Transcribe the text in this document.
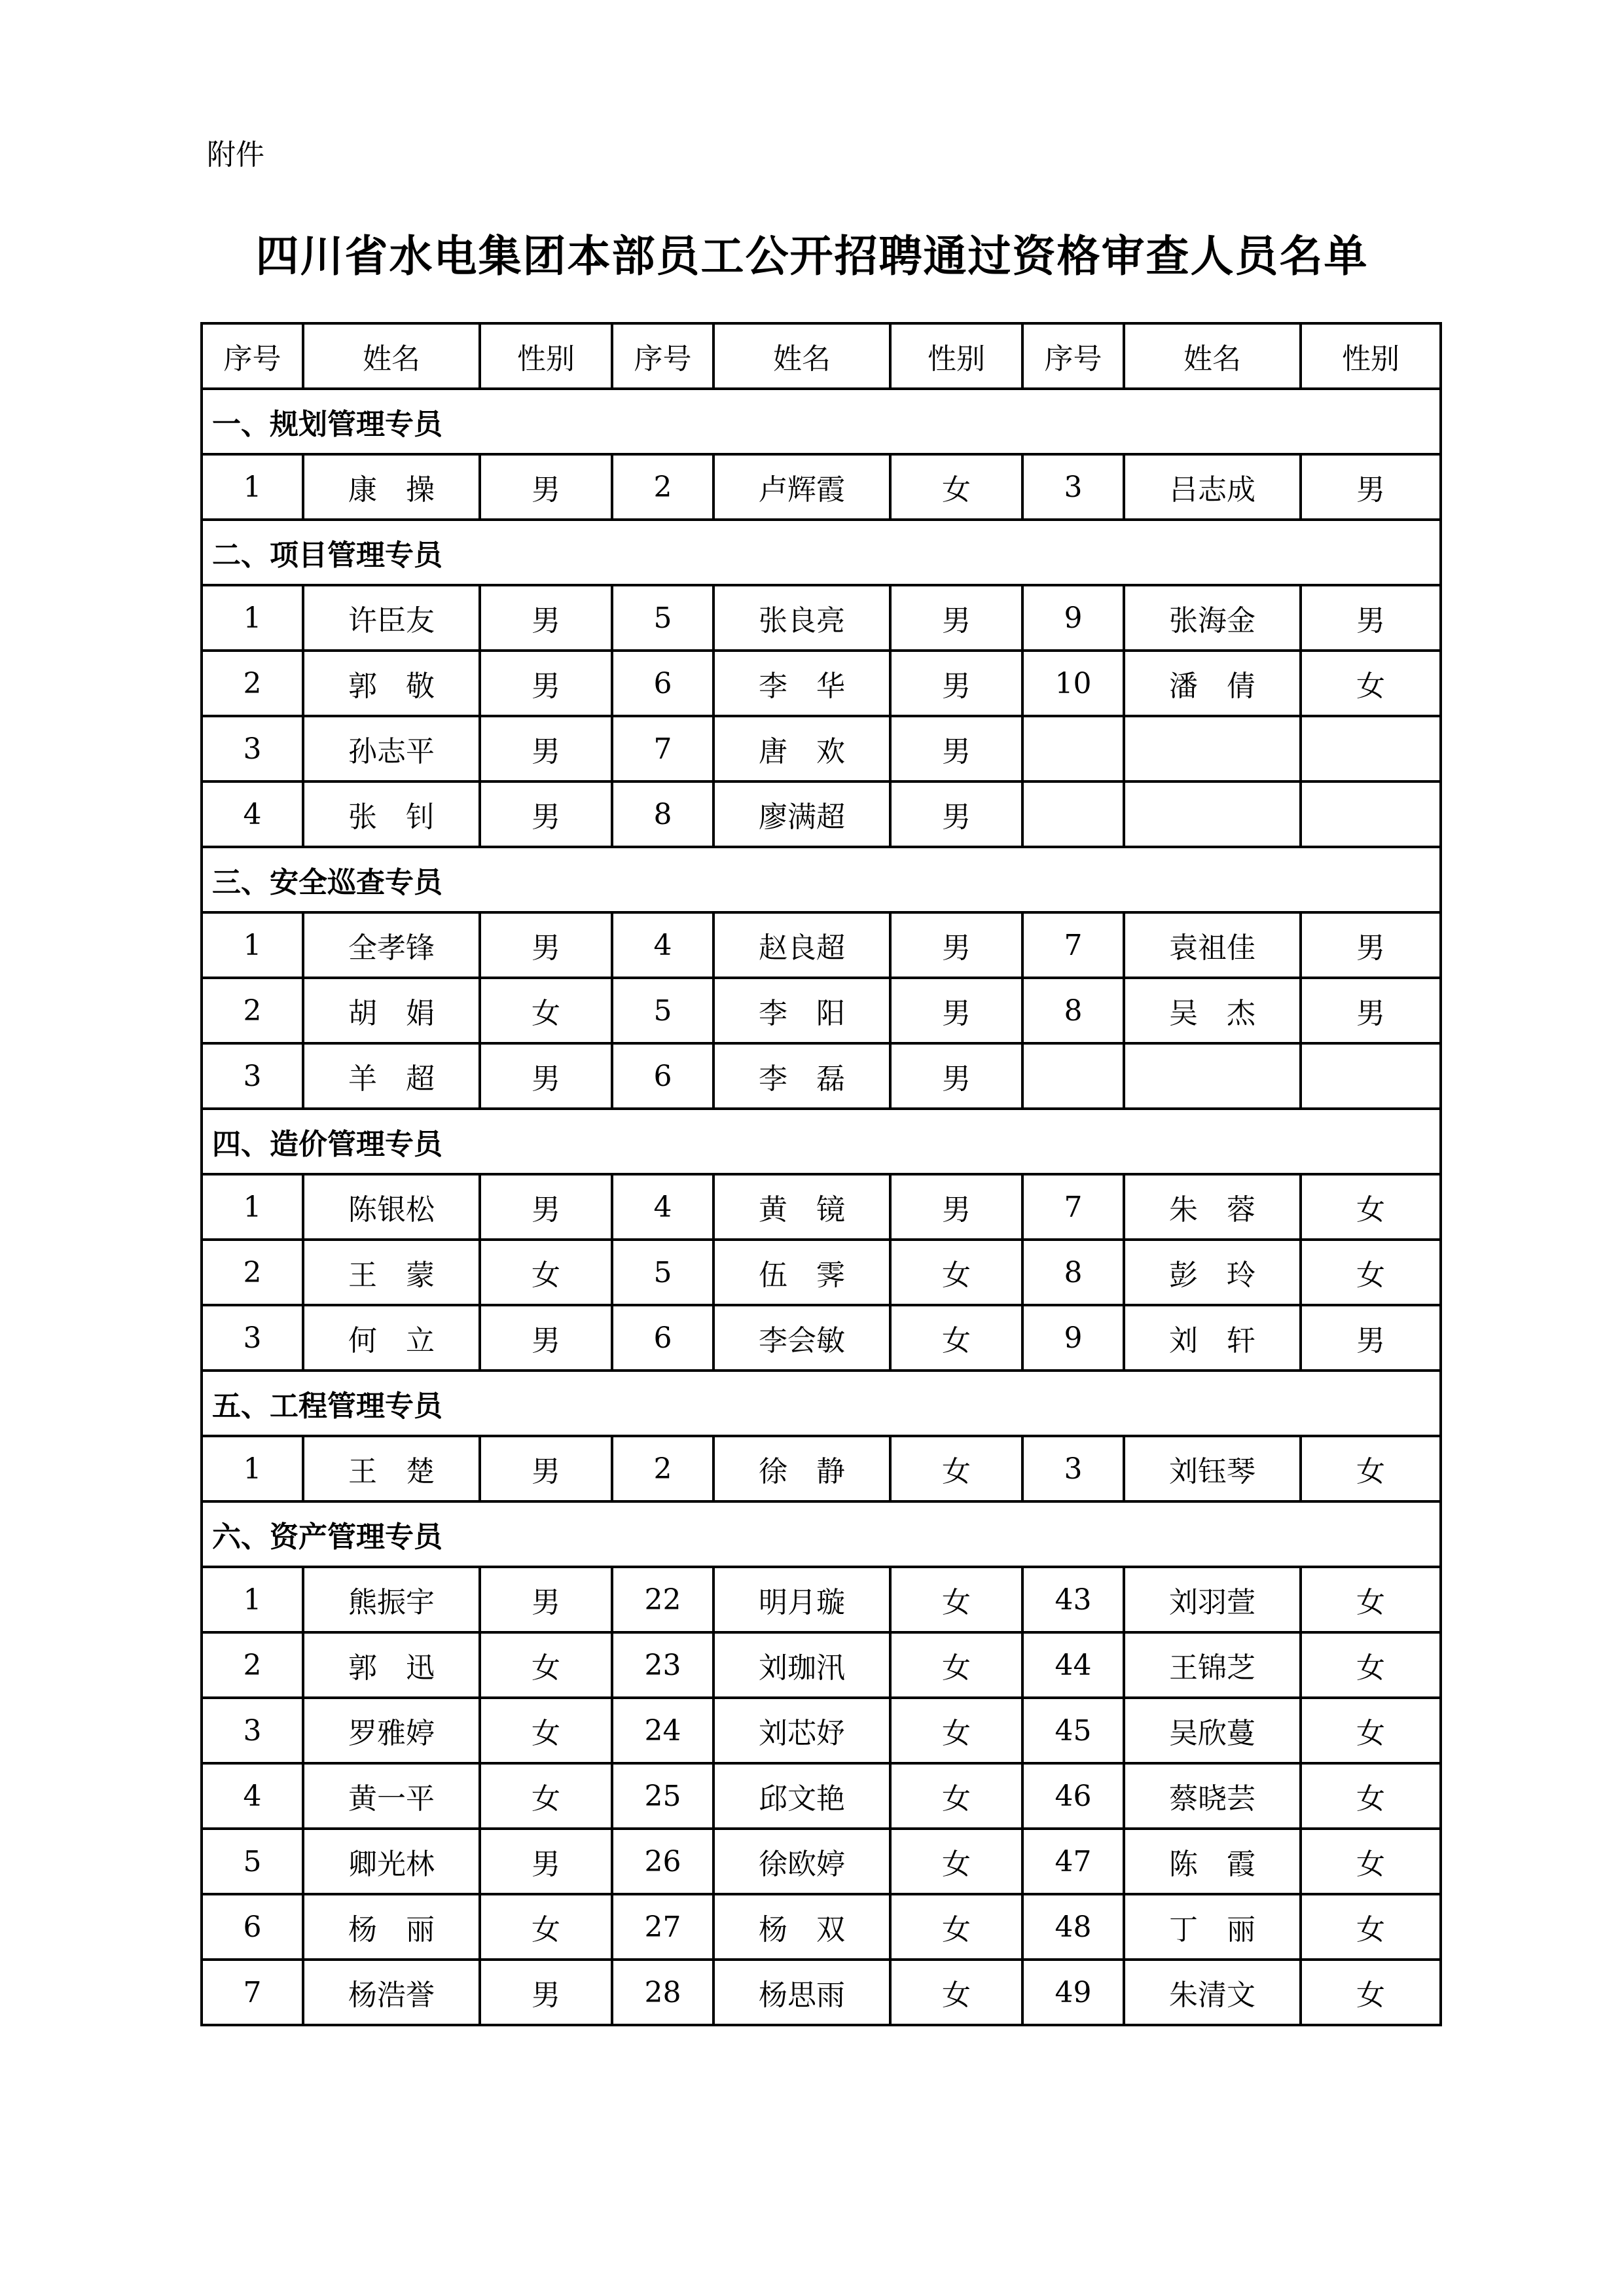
附件
四川省水电集团本部员工公开招聘通过资格审查人员名单
序号	姓名	性别	序号	姓名	性别	序号	姓名	性别
一、规划管理专员								
1	康　操	男	2	卢辉霞	女	3	吕志成	男
二、项目管理专员								
1	许臣友	男	5	张良亮	男	9	张海金	男
2	郭　敬	男	6	李　华	男	10	潘　倩	女
3	孙志平	男	7	唐　欢	男			
4	张　钊	男	8	廖满超	男			
三、安全巡查专员								
1	全孝锋	男	4	赵良超	男	7	袁祖佳	男
2	胡　娟	女	5	李　阳	男	8	吴　杰	男
3	羊　超	男	6	李　磊	男			
四、造价管理专员								
1	陈银松	男	4	黄　镜	男	7	朱　蓉	女
2	王　蒙	女	5	伍　霁	女	8	彭　玲	女
3	何　立	男	6	李会敏	女	9	刘　轩	男
五、工程管理专员								
1	王　楚	男	2	徐　静	女	3	刘钰琴	女
六、资产管理专员								
1	熊振宇	男	22	明月璇	女	43	刘羽萱	女
2	郭　迅	女	23	刘珈汛	女	44	王锦芝	女
3	罗雅婷	女	24	刘芯妤	女	45	吴欣蔓	女
4	黄一平	女	25	邱文艳	女	46	蔡晓芸	女
5	卿光林	男	26	徐欧婷	女	47	陈　霞	女
6	杨　丽	女	27	杨　双	女	48	丁　丽	女
7	杨浩誉	男	28	杨思雨	女	49	朱清文	女
